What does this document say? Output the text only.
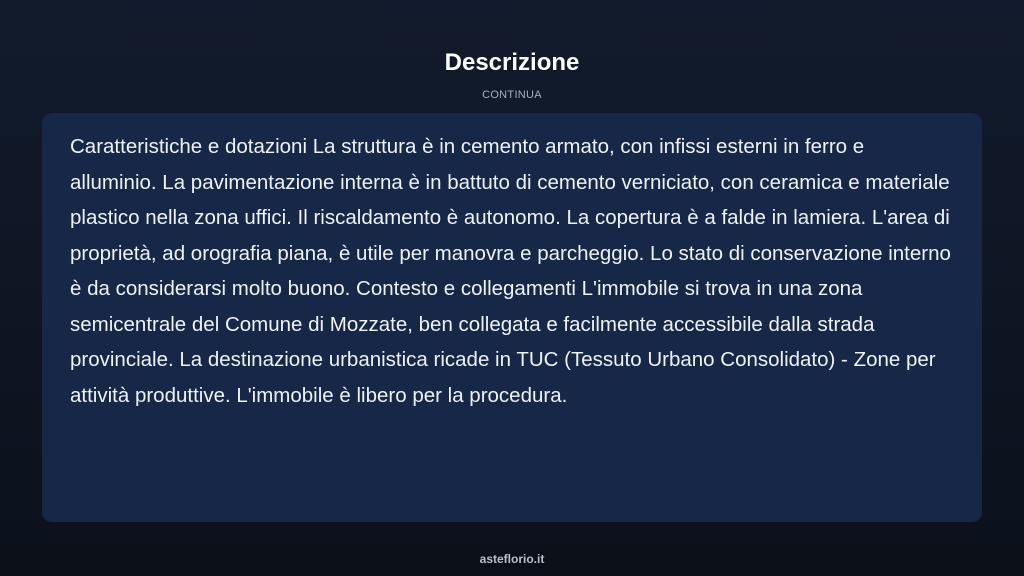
Descrizione
CONTINUA

Caratteristiche e dotazioni La struttura è in cemento armato, con infissi esterni in ferro e alluminio. La pavimentazione interna è in battuto di cemento verniciato, con ceramica e materiale plastico nella zona uffici. Il riscaldamento è autonomo. La copertura è a falde in lamiera. L'area di proprietà, ad orografia piana, è utile per manovra e parcheggio. Lo stato di conservazione interno è da considerarsi molto buono. Contesto e collegamenti L'immobile si trova in una zona semicentrale del Comune di Mozzate, ben collegata e facilmente accessibile dalla strada provinciale. La destinazione urbanistica ricade in TUC (Tessuto Urbano Consolidato) - Zone per attività produttive. L'immobile è libero per la procedura.

asteflorio.it
